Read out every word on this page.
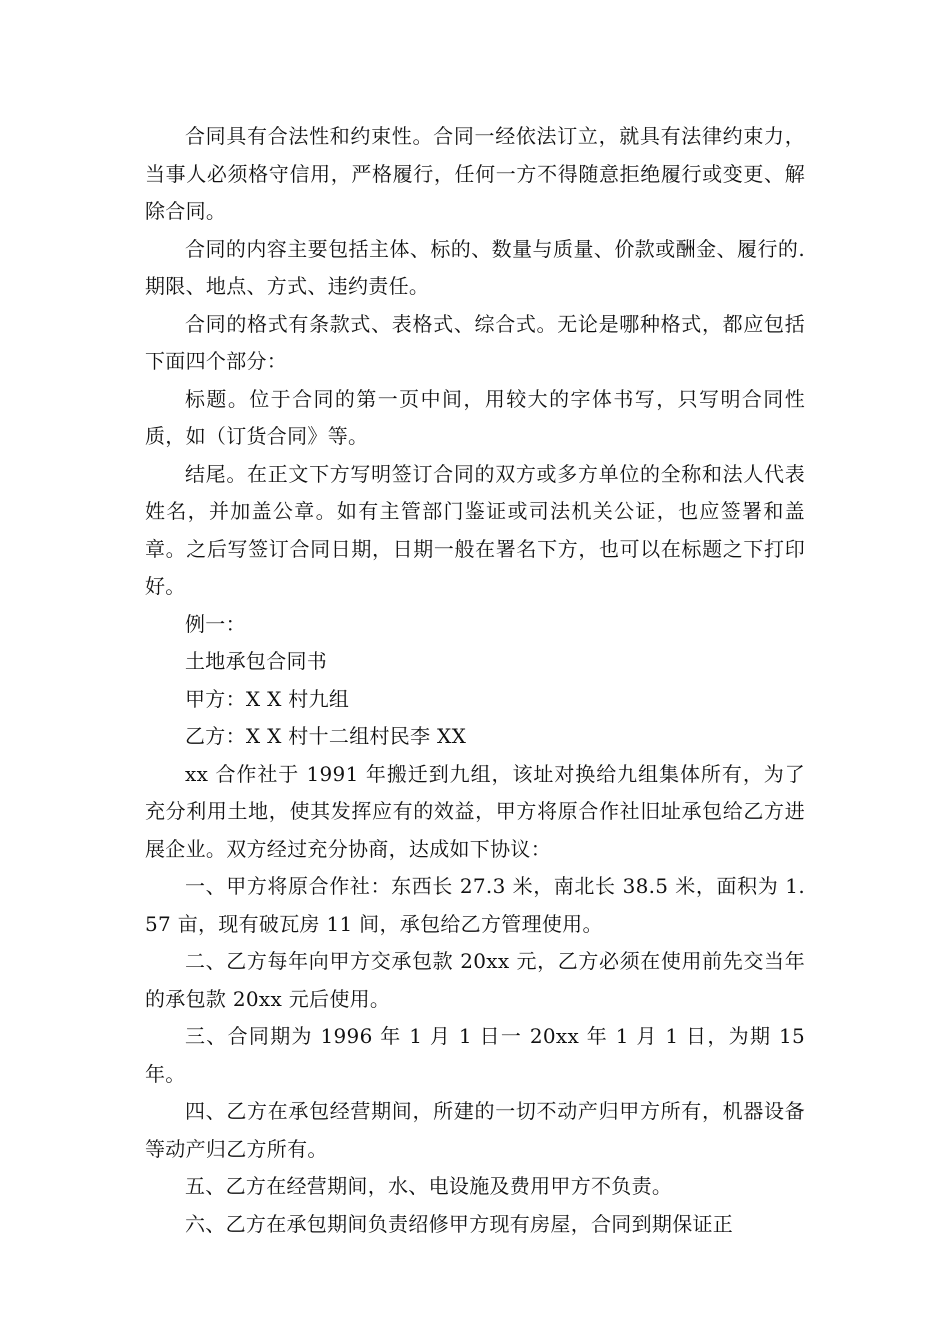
合同具有合法性和约束性。合同一经依法订立，就具有法律约束力，当事人必须格守信用，严格履行，任何一方不得随意拒绝履行或变更、解除合同。

合同的内容主要包括主体、标的、数量与质量、价款或酬金、履行的.期限、地点、方式、违约责任。

合同的格式有条款式、表格式、综合式。无论是哪种格式，都应包括下面四个部分：

标题。位于合同的第一页中间，用较大的字体书写，只写明合同性质，如（订货合同》等。

结尾。在正文下方写明签订合同的双方或多方单位的全称和法人代表姓名，并加盖公章。如有主管部门鉴证或司法机关公证，也应签署和盖章。之后写签订合同日期，日期一般在署名下方，也可以在标题之下打印好。

例一：

土地承包合同书

甲方：X X 村九组

乙方：X X 村十二组村民李 XX

xx 合作社于 1991 年搬迁到九组，该址对换给九组集体所有，为了充分利用土地，使其发挥应有的效益，甲方将原合作社旧址承包给乙方进展企业。双方经过充分协商，达成如下协议：

一、甲方将原合作社：东西长 27.3 米，南北长 38.5 米，面积为 1.57 亩，现有破瓦房 11 间，承包给乙方管理使用。

二、乙方每年向甲方交承包款 20xx 元，乙方必须在使用前先交当年的承包款 20xx 元后使用。

三、合同期为 1996 年 1 月 1 日一 20xx 年 1 月 1 日，为期 15 年。

四、乙方在承包经营期间，所建的一切不动产归甲方所有，机器设备等动产归乙方所有。

五、乙方在经营期间，水、电设施及费用甲方不负责。

六、乙方在承包期间负责绍修甲方现有房屋，合同到期保证正
